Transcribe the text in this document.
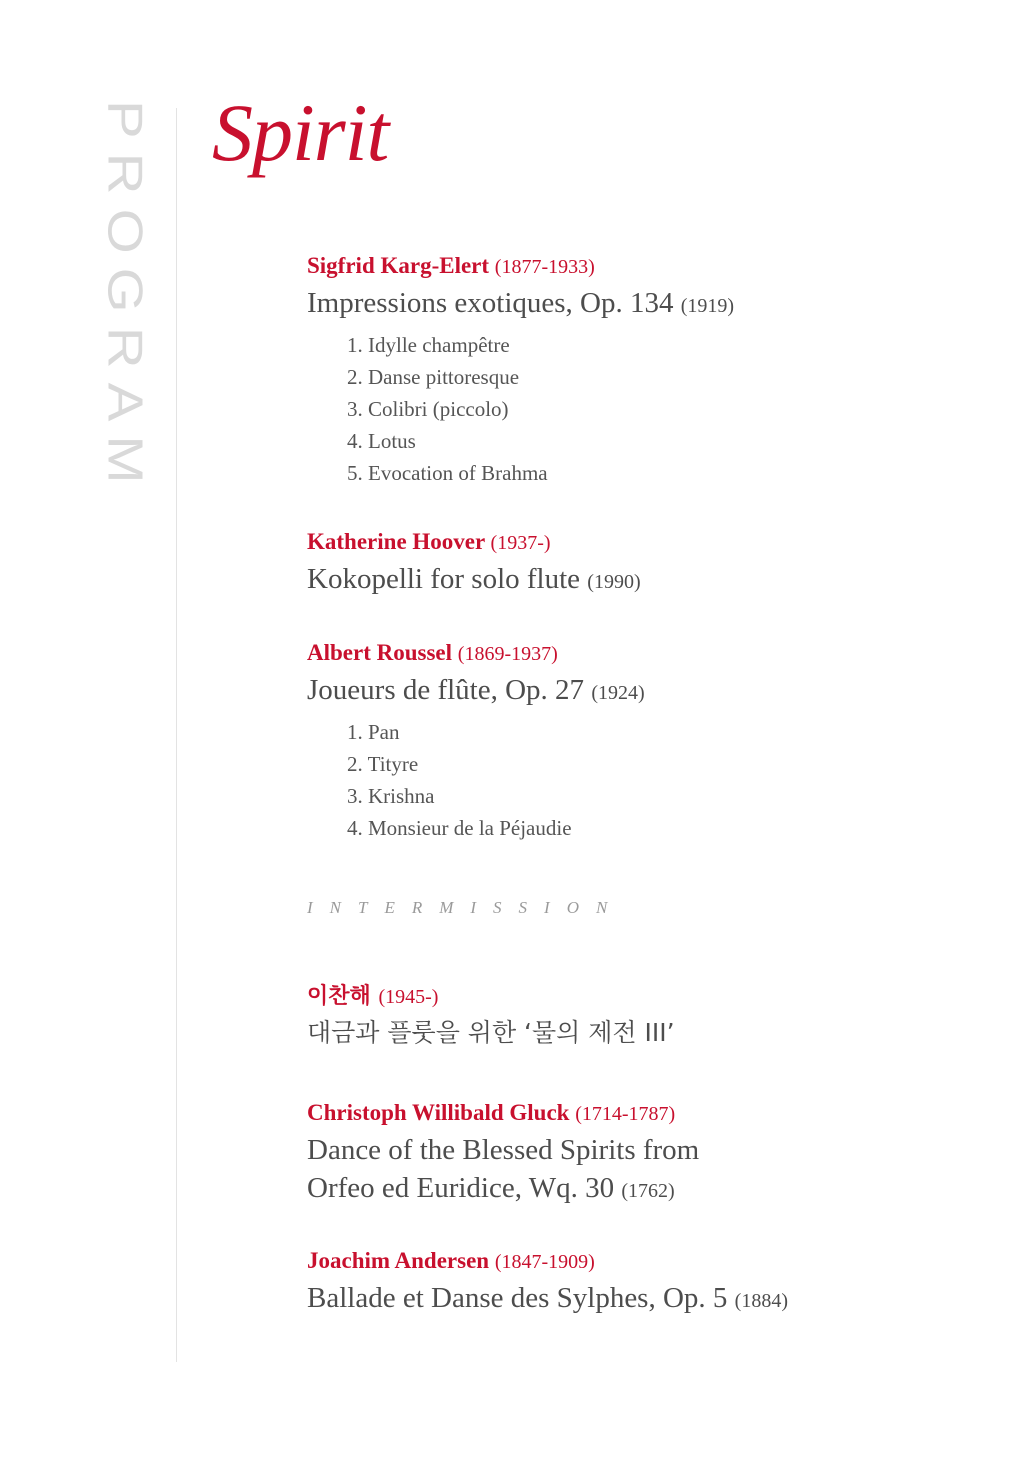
PROGRAM Spirit
Sigfrid Karg-Elert (1877-1933)
Impressions exotiques, Op. 134 (1919)
1. Idylle champêtre
2. Danse pittoresque
3. Colibri (piccolo)
4. Lotus
5. Evocation of Brahma
Katherine Hoover (1937-)
Kokopelli for solo flute (1990)
Albert Roussel (1869-1937)
Joueurs de flûte, Op. 27 (1924)
1. Pan
2. Tityre
3. Krishna
4. Monsieur de la Péjaudie
INTERMISSION
이찬해 (1945-)
대금과 플룻을 위한 ‘물의 제전 III’
Christoph Willibald Gluck (1714-1787)
Dance of the Blessed Spirits from
Orfeo ed Euridice, Wq. 30 (1762)
Joachim Andersen (1847-1909)
Ballade et Danse des Sylphes, Op. 5 (1884)
